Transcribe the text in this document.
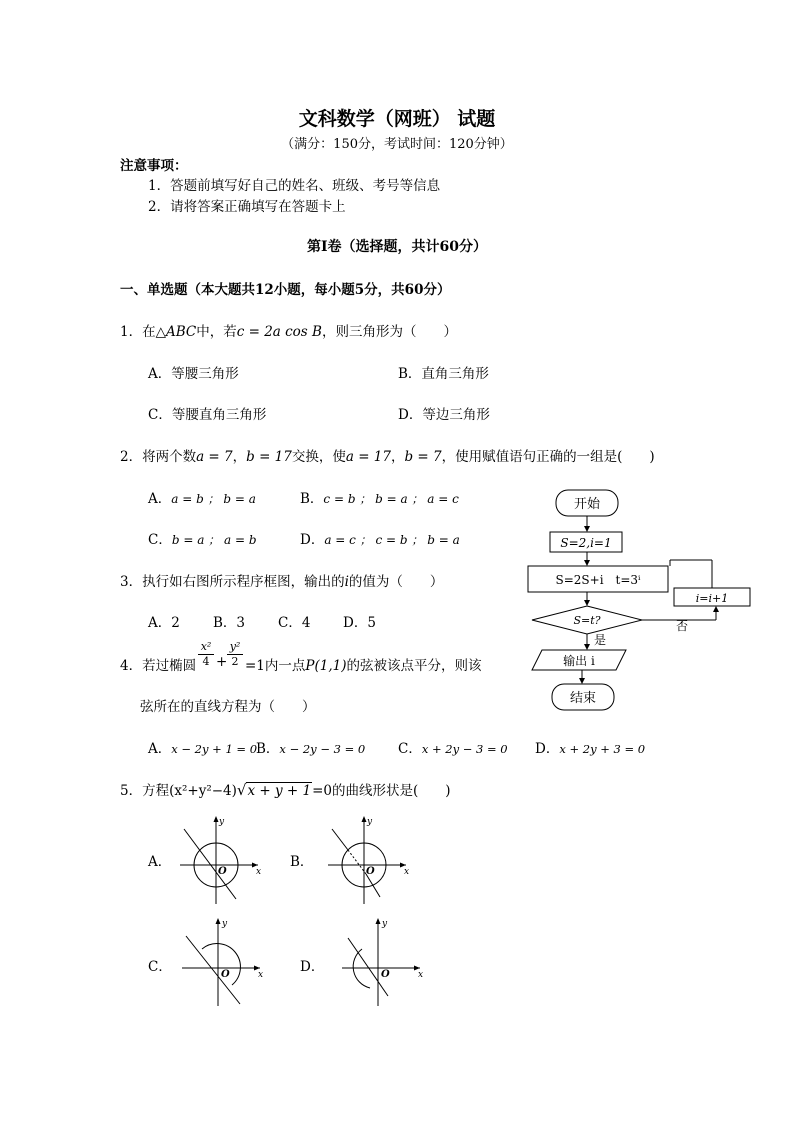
文科数学（网班） 试题
（满分：150分，考试时间：120分钟）
注意事项：
1．答题前填写好自己的姓名、班级、考号等信息
2．请将答案正确填写在答题卡上
第Ⅰ卷（选择题，共计60分）
一、单选题（本大题共12小题，每小题5分，共60分）
1．在△ABC中，若c = 2a cos B，则三角形为（　　）
A．等腰三角形	B．直角三角形
C．等腰直角三角形	D．等边三角形
2．将两个数a = 7，b = 17交换，使a = 17，b = 7，使用赋值语句正确的一组是(　　)
A．a = b ； b = a	B．c = b ； b = a ； a = c
C．b = a ； a = b	D．a = c ； c = b ； b = a
3．执行如右图所示程序框图，输出的i的值为（　　）
A．2 B．3 C．4 D．5
4．若过椭圆 $\frac{\text{x²}}{4} + \frac{\text{y²}}{2} =1$内一点P(1,1)的弦被该点平分，则该
弦所在的直线方程为（　　）
A．x − 2y + 1 = 0
B．x − 2y − 3 = 0 C．x + 2y − 3 = 0 D．x + 2y + 3 = 0
5．方程(x²+y²−4)√x + y + 1=0的曲线形状是(　　)
A．	B．
C．	D．
O	x
y
O	x
y
O	x
y
O	x
y
开始
S=2,i=1
S=2S+i　t=3ⁱ
S=t?	否
i=i+1
是
输出 i
结束
